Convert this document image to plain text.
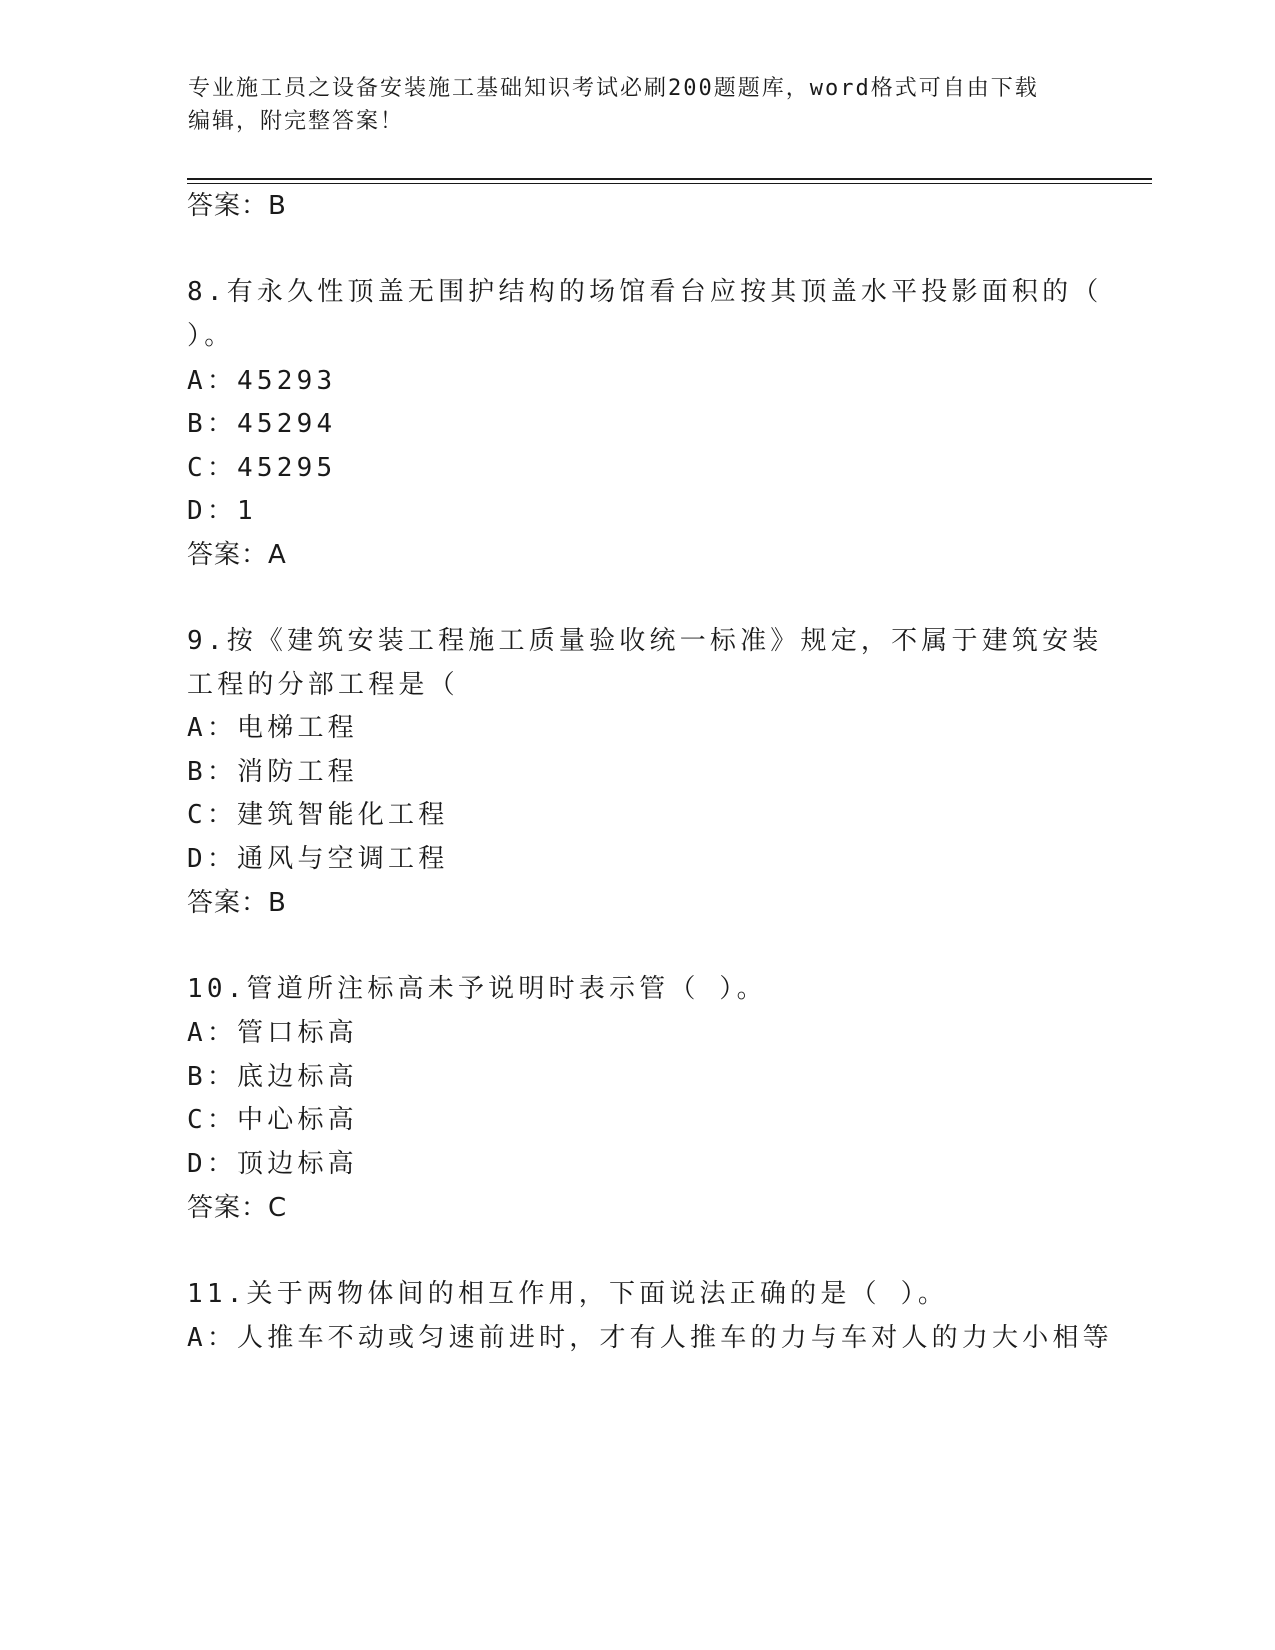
专业施工员之设备安装施工基础知识考试必刷200题题库，word格式可自由下载
编辑，附完整答案！
答案：B
8.有永久性顶盖无围护结构的场馆看台应按其顶盖水平投影面积的（
）。
A：45293
B：45294
C：45295
D：1
答案：A
9.按《建筑安装工程施工质量验收统一标准》规定，不属于建筑安装
工程的分部工程是（
A：电梯工程
B：消防工程
C：建筑智能化工程
D：通风与空调工程
答案：B
10.管道所注标高未予说明时表示管（ ）。
A：管口标高
B：底边标高
C：中心标高
D：顶边标高
答案：C
11.关于两物体间的相互作用，下面说法正确的是（ ）。
A：人推车不动或匀速前进时，才有人推车的力与车对人的力大小相等
